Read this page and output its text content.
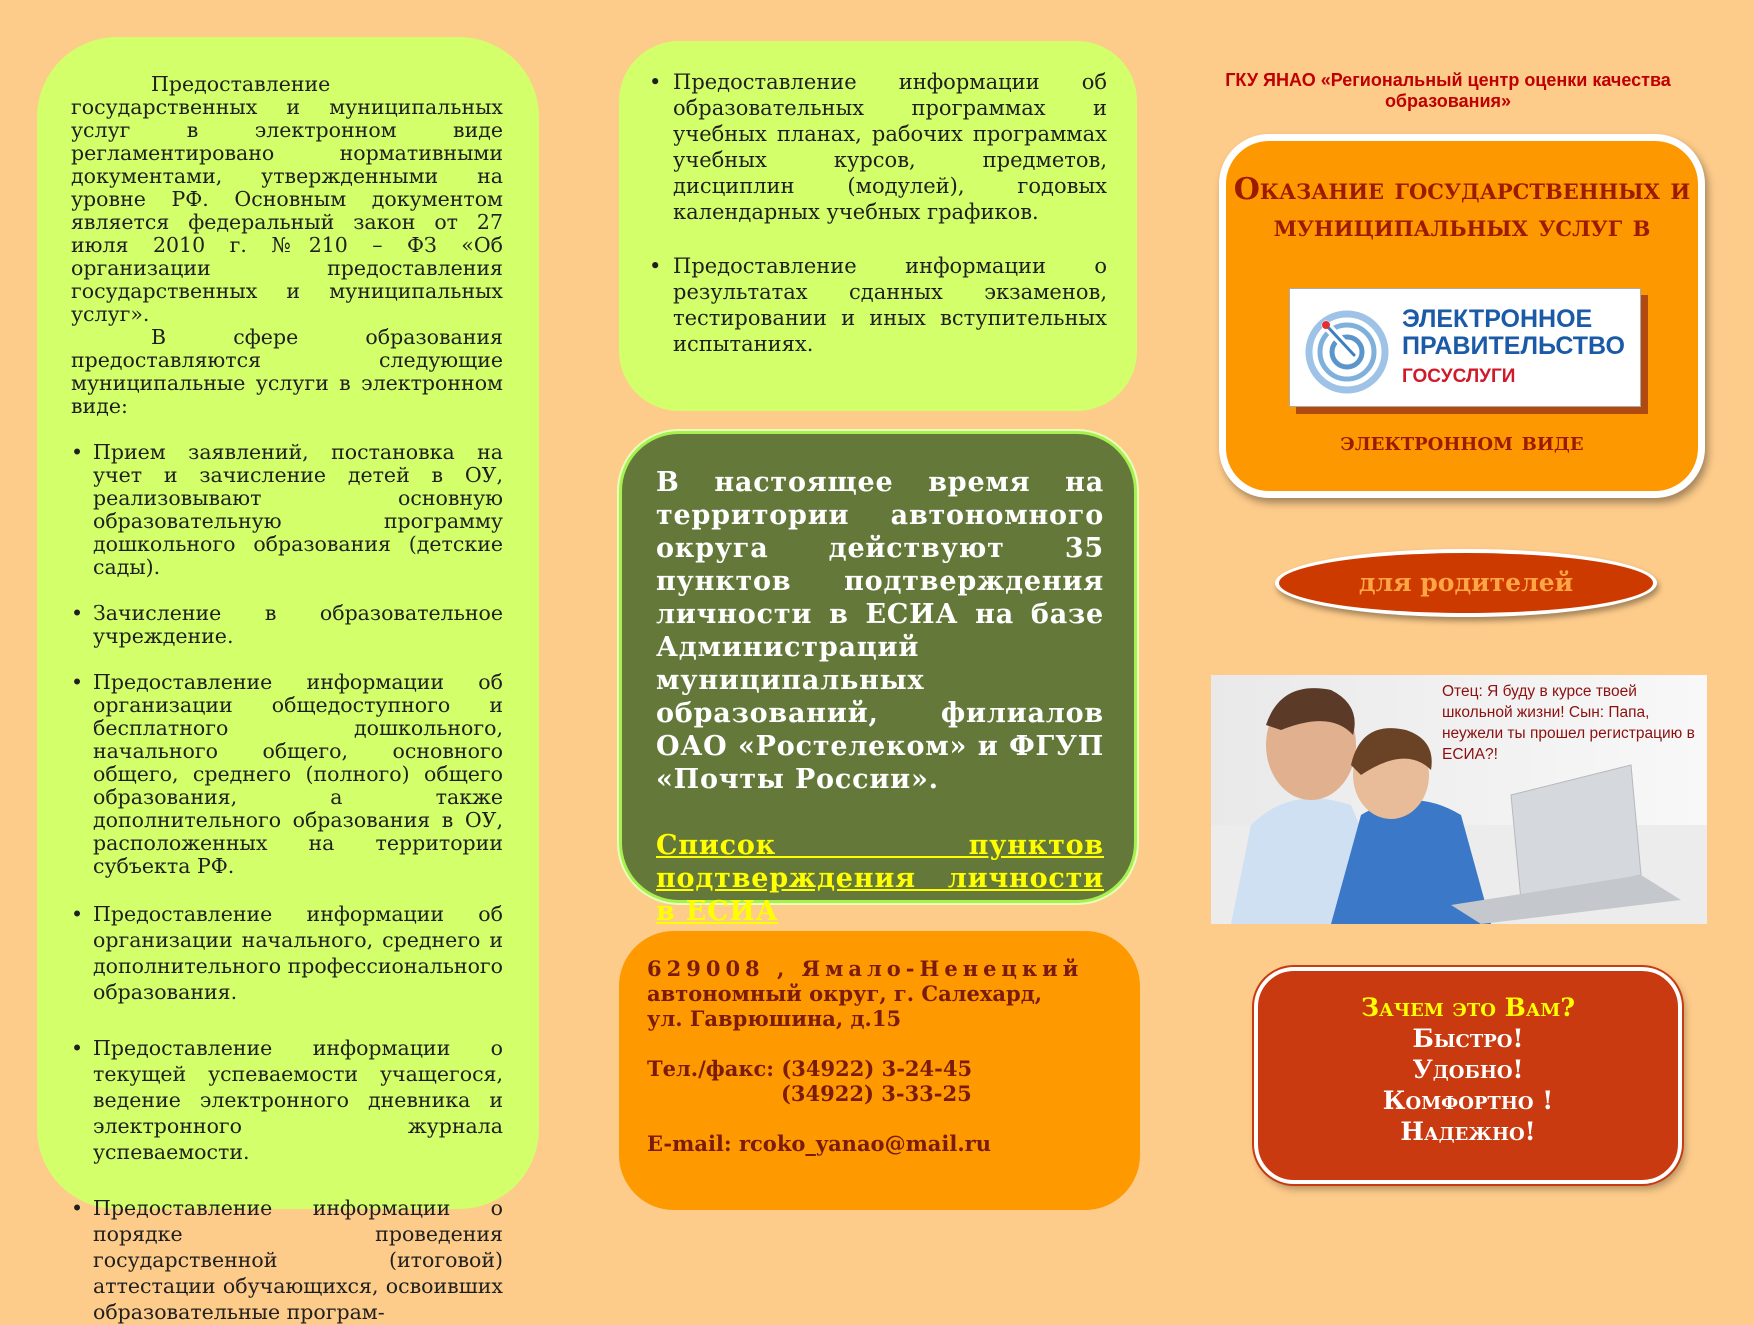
Предоставление государственных и муниципальных услуг в электронном виде регламентировано нормативными документами, утвержденными на уровне РФ. Основным документом является федеральный закон от 27 июля 2010 г. №210 – ФЗ «Об организации предоставления государственных и муниципальных услуг».

В сфере образования предоставляются следующие муниципальные услуги в электронном виде:

• Прием заявлений, постановка на учет и зачисление детей в ОУ, реализовывают основную образовательную программу дошкольного образования (детские сады).
• Зачисление в образовательное учреждение.
• Предоставление информации об организации общедоступного и бесплатного дошкольного, начального общего, основного общего, среднего (полного) общего образования, а также дополнительного образования в ОУ, расположенных на территории субъекта РФ.
• Предоставление информации об организации начального, среднего и дополнительного профессионального образования.
• Предоставление информации о текущей успеваемости учащегося, ведение электронного дневника и электронного журнала успеваемости.
• Предоставление информации о порядке проведения государственной (итоговой) аттестации обучающихся, освоивших образовательные програм-
• Предоставление информации об образовательных программах и учебных планах, рабочих программах учебных курсов, предметов, дисциплин (модулей), годовых календарных учебных графиков.
• Предоставление информации о результатах сданных экзаменов, тестировании и иных вступительных испытаниях.
В настоящее время на территории автономного округа действуют 35 пунктов подтверждения личности в ЕСИА на базе Администраций муниципальных образований, филиалов ОАО «Ростелеком» и ФГУП «Почты России».
Список пунктов подтверждения личности в ЕСИА
629008 , Ямало-Ненецкий
автономный округ, г. Салехард,
ул. Гаврюшина, д.15
Тел./факс: (34922) 3-24-45
(34922) 3-33-25
E-mail: rcoko_yanao@mail.ru
ГКУ ЯНАО «Региональный центр оценки качества образования»
Оказание государственных и муниципальных услуг в
ЭЛЕКТРОННОЕ ПРАВИТЕЛЬСТВО
ГОСУСЛУГИ
электронном виде
для родителей
Отец: Я буду в курсе твоей школьной жизни! Сын: Папа, неужели ты прошел регистрацию в ЕСИА?!
Зачем это Вам?
Быстро!
Удобно!
Комфортно !
Надежно!
